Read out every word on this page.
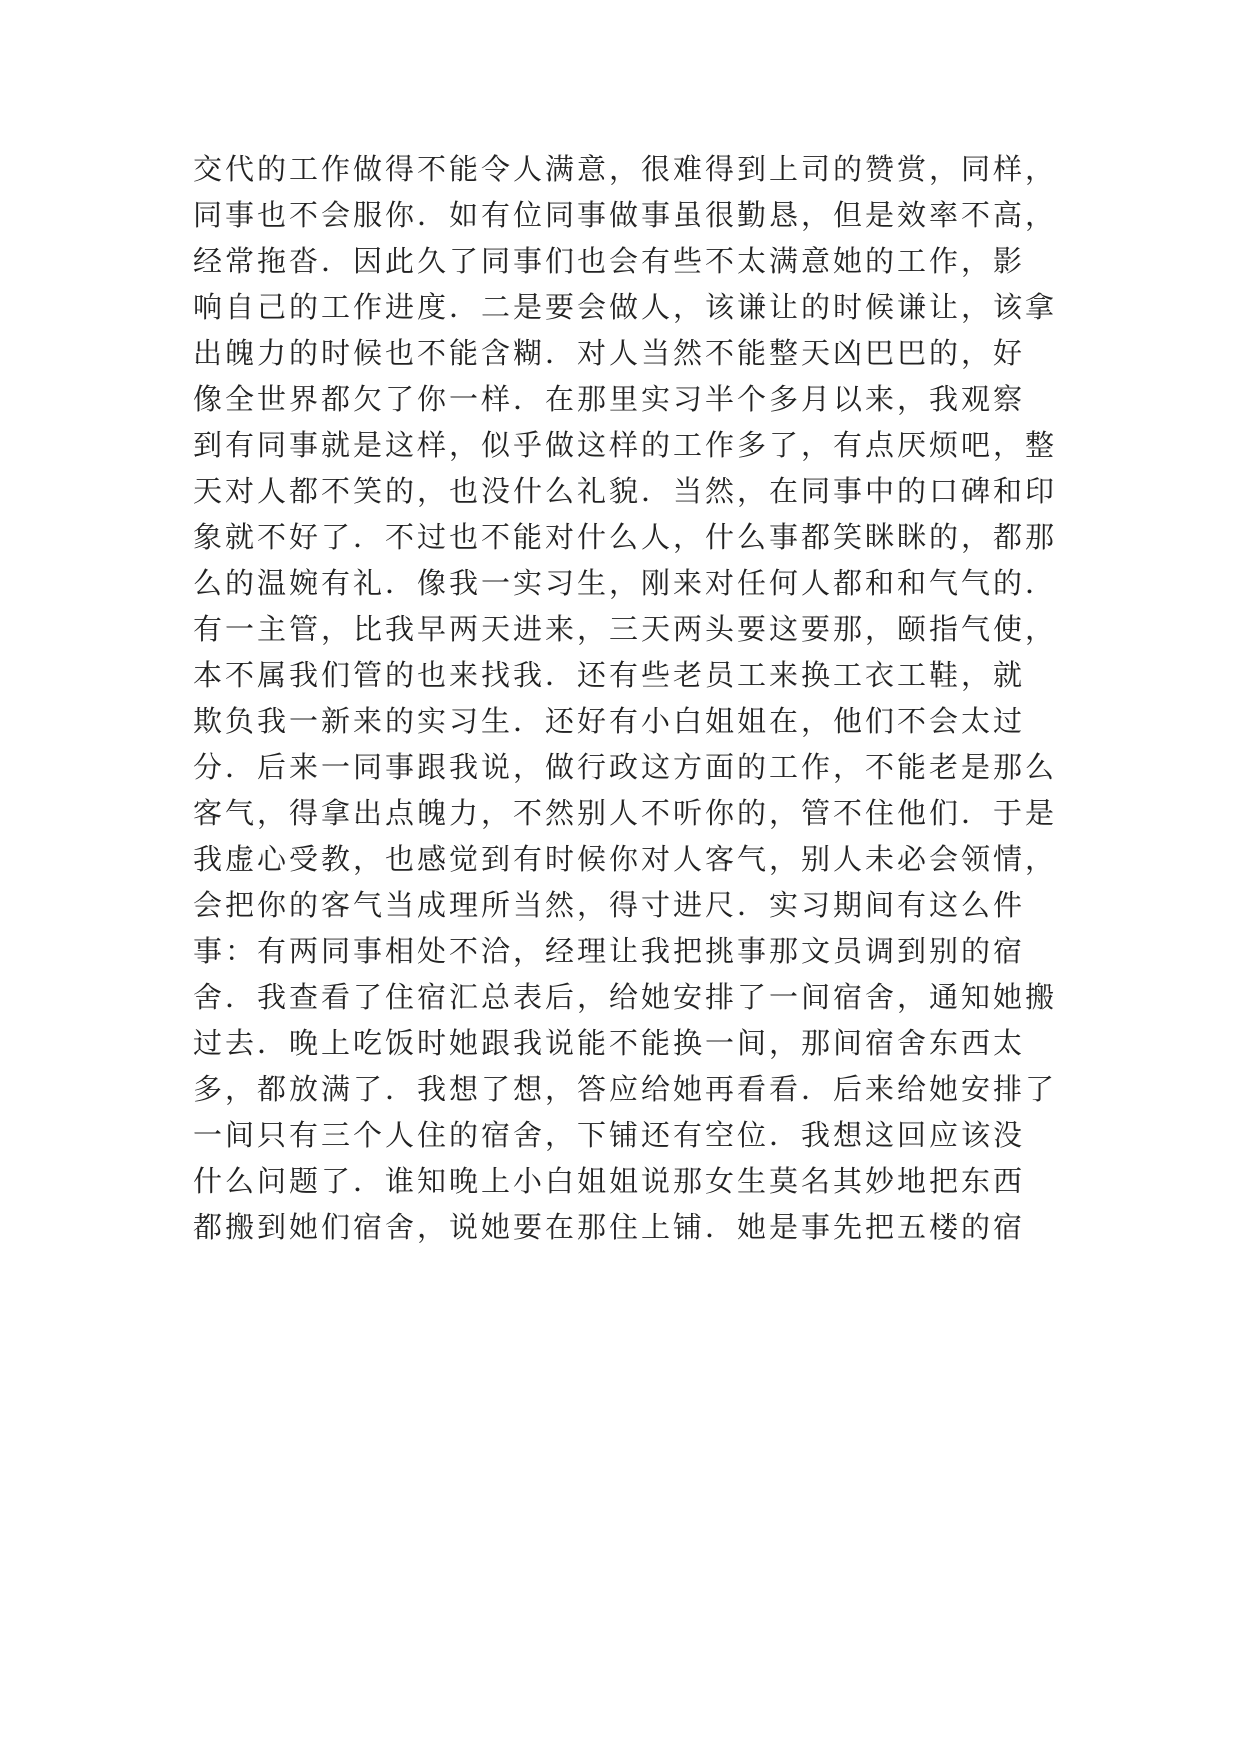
交代的工作做得不能令人满意，很难得到上司的赞赏，同样，

同事也不会服你．如有位同事做事虽很勤恳，但是效率不高，

经常拖沓．因此久了同事们也会有些不太满意她的工作，影

响自己的工作进度．二是要会做人，该谦让的时候谦让，该拿

出魄力的时候也不能含糊．对人当然不能整天凶巴巴的，好

像全世界都欠了你一样．在那里实习半个多月以来，我观察

到有同事就是这样，似乎做这样的工作多了，有点厌烦吧，整

天对人都不笑的，也没什么礼貌．当然，在同事中的口碑和印

象就不好了．不过也不能对什么人，什么事都笑眯眯的，都那

么的温婉有礼．像我一实习生，刚来对任何人都和和气气的．

有一主管，比我早两天进来，三天两头要这要那，颐指气使，

本不属我们管的也来找我．还有些老员工来换工衣工鞋，就

欺负我一新来的实习生．还好有小白姐姐在，他们不会太过

分．后来一同事跟我说，做行政这方面的工作，不能老是那么

客气，得拿出点魄力，不然别人不听你的，管不住他们．于是

我虚心受教，也感觉到有时候你对人客气，别人未必会领情，

会把你的客气当成理所当然，得寸进尺．实习期间有这么件

事：有两同事相处不洽，经理让我把挑事那文员调到别的宿

舍．我查看了住宿汇总表后，给她安排了一间宿舍，通知她搬

过去．晚上吃饭时她跟我说能不能换一间，那间宿舍东西太

多，都放满了．我想了想，答应给她再看看．后来给她安排了

一间只有三个人住的宿舍，下铺还有空位．我想这回应该没

什么问题了．谁知晚上小白姐姐说那女生莫名其妙地把东西

都搬到她们宿舍，说她要在那住上铺．她是事先把五楼的宿
